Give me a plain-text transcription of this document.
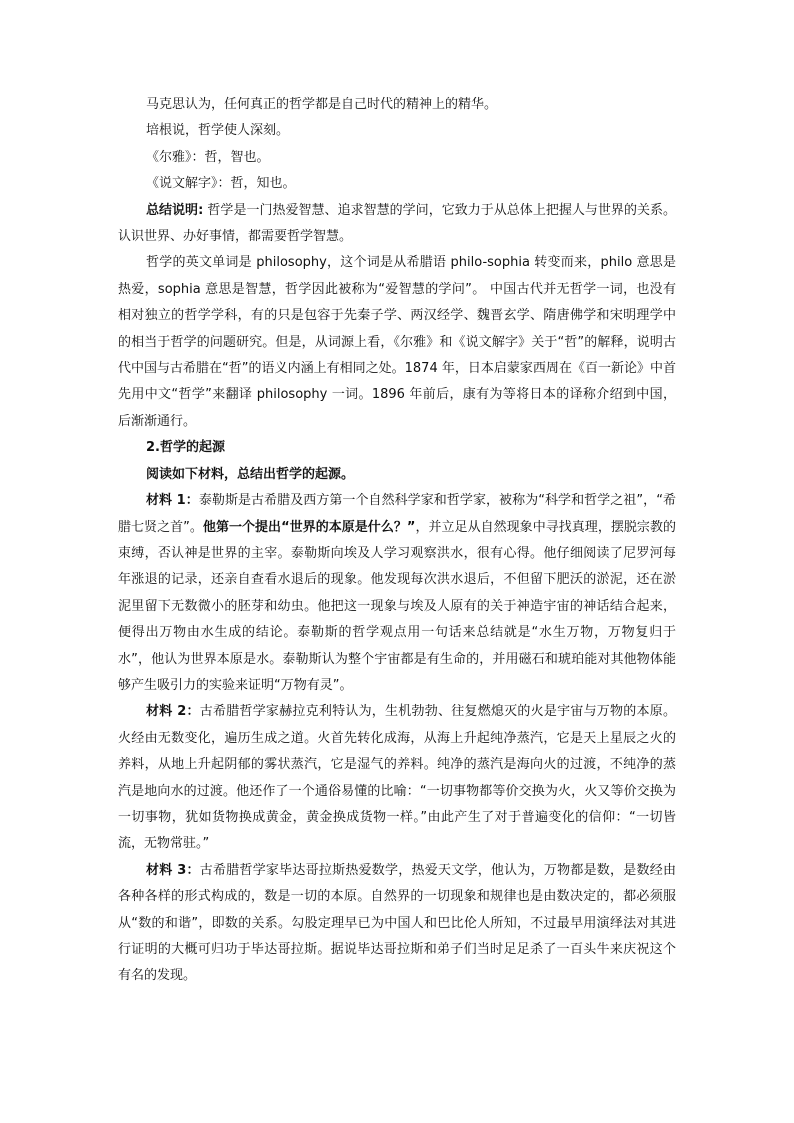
马克思认为，任何真正的哲学都是自己时代的精神上的精华。

培根说，哲学使人深刻。

《尔雅》：哲，智也。

《说文解字》：哲，知也。

总结说明: 哲学是一门热爱智慧、追求智慧的学问，它致力于从总体上把握人与世界的关系。认识世界、办好事情，都需要哲学智慧。

哲学的英文单词是 philosophy，这个词是从希腊语 philo-sophia 转变而来，philo 意思是热爱，sophia 意思是智慧，哲学因此被称为“爱智慧的学问”。 中国古代并无哲学一词，也没有相对独立的哲学学科，有的只是包容于先秦子学、两汉经学、魏晋玄学、隋唐佛学和宋明理学中的相当于哲学的问题研究。但是，从词源上看，《尔雅》和《说文解字》关于“哲”的解释，说明古代中国与古希腊在“哲”的语义内涵上有相同之处。1874 年，日本启蒙家西周在《百一新论》中首先用中文“哲学”来翻译 philosophy 一词。1896 年前后，康有为等将日本的译称介绍到中国，后渐渐通行。

2.哲学的起源

阅读如下材料，总结出哲学的起源。

材料 1：泰勒斯是古希腊及西方第一个自然科学家和哲学家，被称为“科学和哲学之祖”，“希腊七贤之首”。他第一个提出“世界的本原是什么？”，并立足从自然现象中寻找真理，摆脱宗教的束缚，否认神是世界的主宰。泰勒斯向埃及人学习观察洪水，很有心得。他仔细阅读了尼罗河每年涨退的记录，还亲自查看水退后的现象。他发现每次洪水退后，不但留下肥沃的淤泥，还在淤泥里留下无数微小的胚芽和幼虫。他把这一现象与埃及人原有的关于神造宇宙的神话结合起来，便得出万物由水生成的结论。泰勒斯的哲学观点用一句话来总结就是“水生万物，万物复归于水”，他认为世界本原是水。泰勒斯认为整个宇宙都是有生命的，并用磁石和琥珀能对其他物体能够产生吸引力的实验来证明“万物有灵”。

材料 2：古希腊哲学家赫拉克利特认为，生机勃勃、往复燃熄灭的火是宇宙与万物的本原。火经由无数变化，遍历生成之道。火首先转化成海，从海上升起纯净蒸汽，它是天上星辰之火的养料，从地上升起阴郁的雾状蒸汽，它是湿气的养料。纯净的蒸汽是海向火的过渡，不纯净的蒸汽是地向水的过渡。他还作了一个通俗易懂的比喻：“一切事物都等价交换为火，火又等价交换为一切事物，犹如货物换成黄金，黄金换成货物一样。”由此产生了对于普遍变化的信仰：“一切皆流，无物常驻。”

材料 3：古希腊哲学家毕达哥拉斯热爱数学，热爱天文学，他认为，万物都是数，是数经由各种各样的形式构成的，数是一切的本原。自然界的一切现象和规律也是由数决定的，都必须服从“数的和谐”，即数的关系。勾股定理早已为中国人和巴比伦人所知，不过最早用演绎法对其进行证明的大概可归功于毕达哥拉斯。据说毕达哥拉斯和弟子们当时足足杀了一百头牛来庆祝这个有名的发现。
